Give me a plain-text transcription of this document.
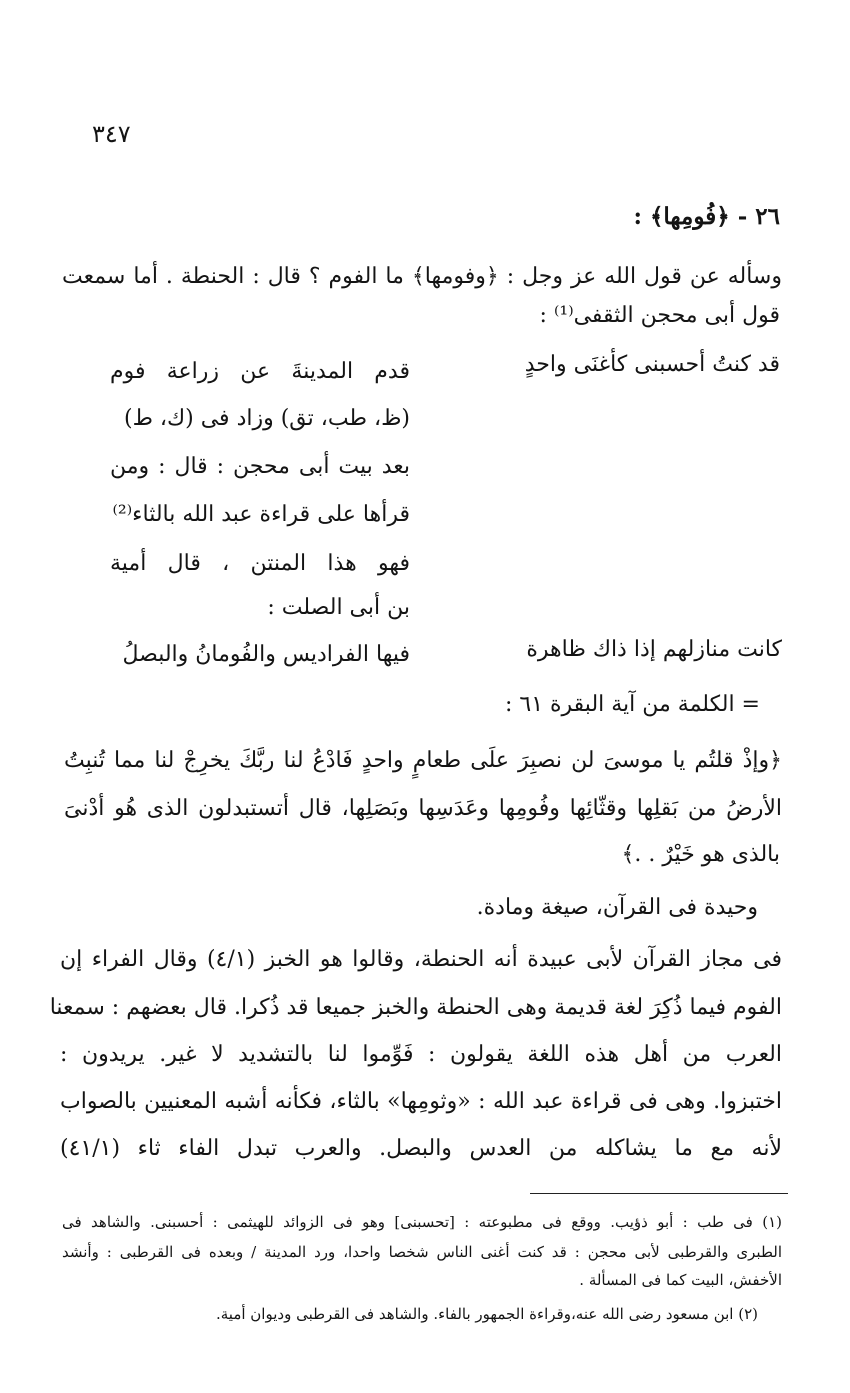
٣٤٧
٢٦ - ﴿فُومِها﴾ :
وسأله عن قول الله عز وجل : ﴿وفومها﴾ ما الفوم ؟ قال : الحنطة . أما سمعت
قول أبى محجن الثقفى⁽¹⁾ :
قد كنتُ أحسبنى كأغنَى واحدٍ
قدم المدينةَ عن زراعة فوم
(ظ، طب، تق) وزاد فى (ك، ط)
بعد بيت أبى محجن : قال : ومن
قرأها على قراءة عبد الله بالثاء⁽²⁾
فهو هذا المنتن ، قال أمية
بن أبى الصلت :
كانت منازلهم إذا ذاك ظاهرة
فيها الفراديس والفُومانُ والبصلُ
= الكلمة من آية البقرة ٦١ :
﴿وإذْ قلتُم يا موسىَ لن نصبِرَ علَى طعامٍ واحدٍ فَادْعُ لنا ربَّكَ يخرِجْ لنا مما تُنبِتُ
الأرضُ من بَقلِها وقثّائِها وفُومِها وعَدَسِها وبَصَلِها، قال أتستبدلون الذى هُو أدْنىَ
بالذى هو خَيْرٌ . .﴾
وحيدة فى القرآن، صيغة ومادة.
فى مجاز القرآن لأبى عبيدة أنه الحنطة، وقالوا هو الخبز (٤/١) وقال الفراء إن
الفوم فيما ذُكِرَ لغة قديمة وهى الحنطة والخبز جميعا قد ذُكرا. قال بعضهم : سمعنا
العرب من أهل هذه اللغة يقولون : فَوِّموا لنا بالتشديد لا غير. يريدون :
اختبزوا. وهى فى قراءة عبد الله : «وثومِها» بالثاء، فكأنه أشبه المعنيين بالصواب
لأنه مع ما يشاكله من العدس والبصل. والعرب تبدل الفاء ثاء (٤١/١)
(١) فى طب : أبو ذؤيب. ووقع فى مطبوعته : [تحسبنى] وهو فى الزوائد للهيثمى : أحسبنى. والشاهد فى
الطبرى والقرطبى لأبى محجن : قد كنت أغنى الناس شخصا واحدا، ورد المدينة / وبعده فى القرطبى : وأنشد
الأخفش، البيت كما فى المسألة .
(٢) ابن مسعود رضى الله عنه،وقراءة الجمهور بالفاء. والشاهد فى القرطبى وديوان أمية.
